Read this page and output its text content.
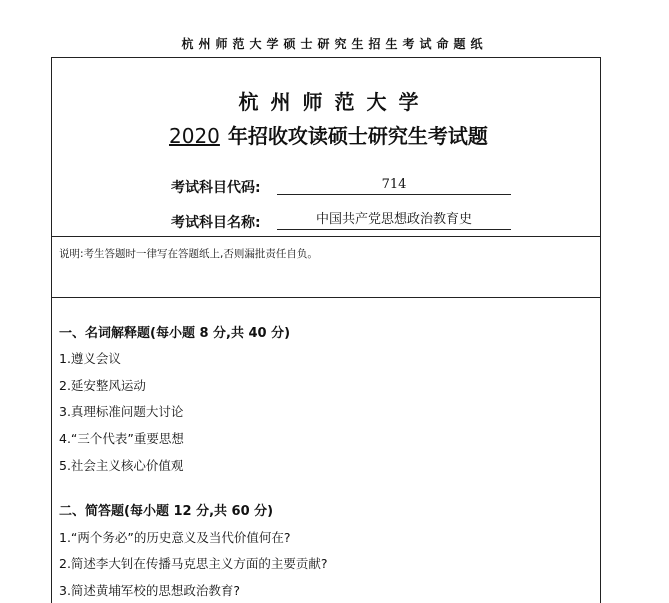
杭州师范大学硕士研究生招生考试命题纸
杭州师范大学
2020 年招收攻读硕士研究生考试题
考试科目代码:	714
考试科目名称:	中国共产党思想政治教育史
说明:考生答题时一律写在答题纸上,否则漏批责任自负。
一、名词解释题(每小题 8 分,共 40 分)
1.遵义会议
2.延安整风运动
3.真理标准问题大讨论
4.“三个代表”重要思想
5.社会主义核心价值观
二、简答题(每小题 12 分,共 60 分)
1.“两个务必”的历史意义及当代价值何在?
2.简述李大钊在传播马克思主义方面的主要贡献?
3.简述黄埔军校的思想政治教育?
